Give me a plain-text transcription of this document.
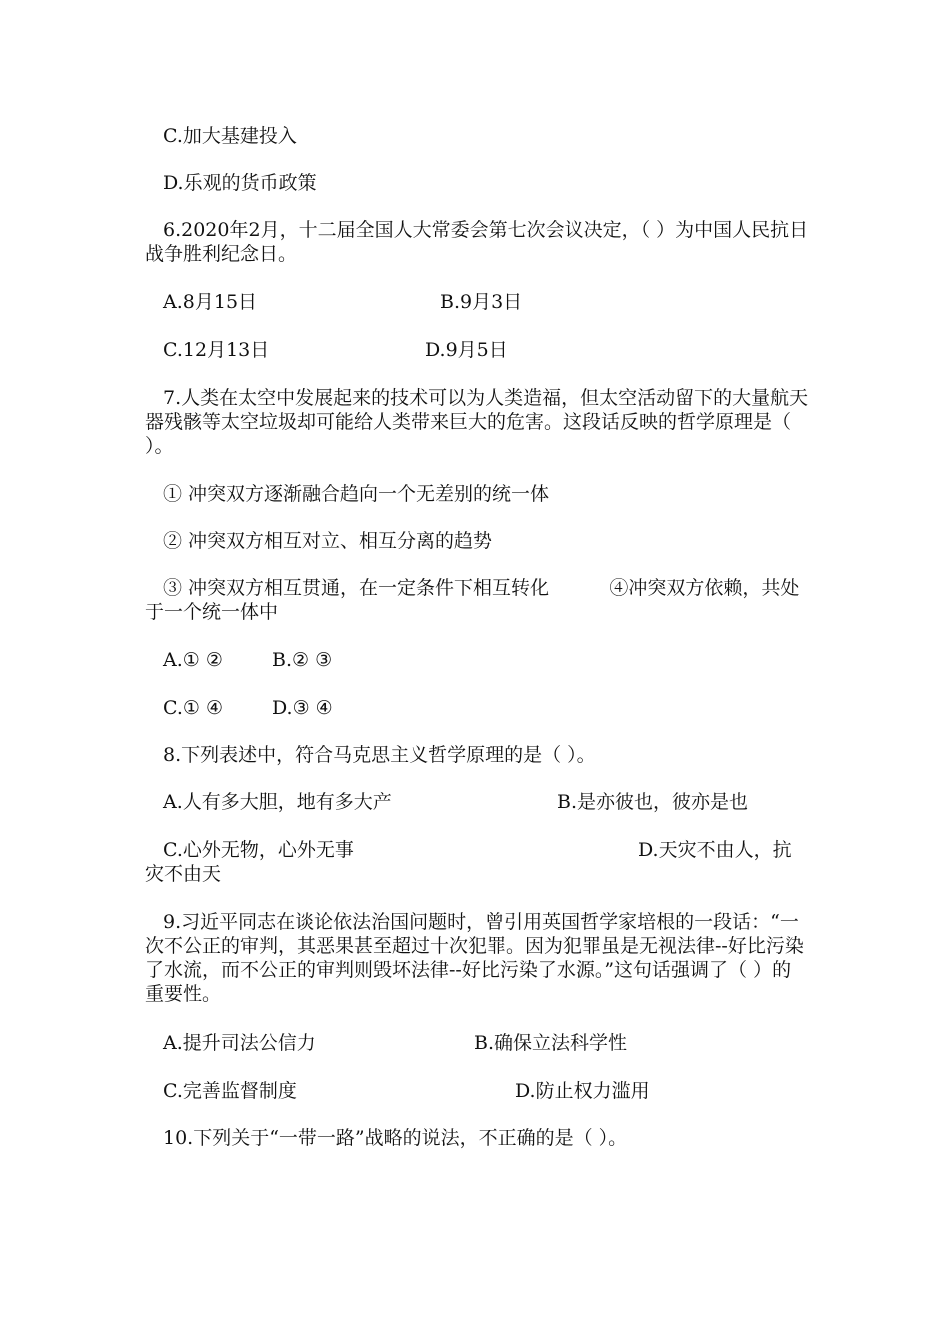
C.加大基建投入
D.乐观的货币政策
6.2020年2月，十二届全国人大常委会第七次会议决定，（ ）为中国人民抗日战争胜利纪念日。
A.8月15日	B.9月3日
C.12月13日	D.9月5日
7.人类在太空中发展起来的技术可以为人类造福，但太空活动留下的大量航天器残骸等太空垃圾却可能给人类带来巨大的危害。这段话反映的哲学原理是（ ）。
① 冲突双方逐渐融合趋向一个无差别的统一体
② 冲突双方相互对立、相互分离的趋势
③ 冲突双方相互贯通，在一定条件下相互转化          ④冲突双方依赖，共处于一个统一体中
A.① ②	B.② ③
C.① ④	D.③ ④
8.下列表述中，符合马克思主义哲学原理的是（ ）。
A.人有多大胆，地有多大产	B.是亦彼也，彼亦是也
C.心外无物，心外无事	D.天灾不由人，抗灾不由天
9.习近平同志在谈论依法治国问题时，曾引用英国哲学家培根的一段话：“一次不公正的审判，其恶果甚至超过十次犯罪。因为犯罪虽是无视法律--好比污染了水流，而不公正的审判则毁坏法律--好比污染了水源。”这句话强调了（ ）的重要性。
A.提升司法公信力	B.确保立法科学性
C.完善监督制度	D.防止权力滥用
10.下列关于“一带一路”战略的说法，不正确的是（ ）。
